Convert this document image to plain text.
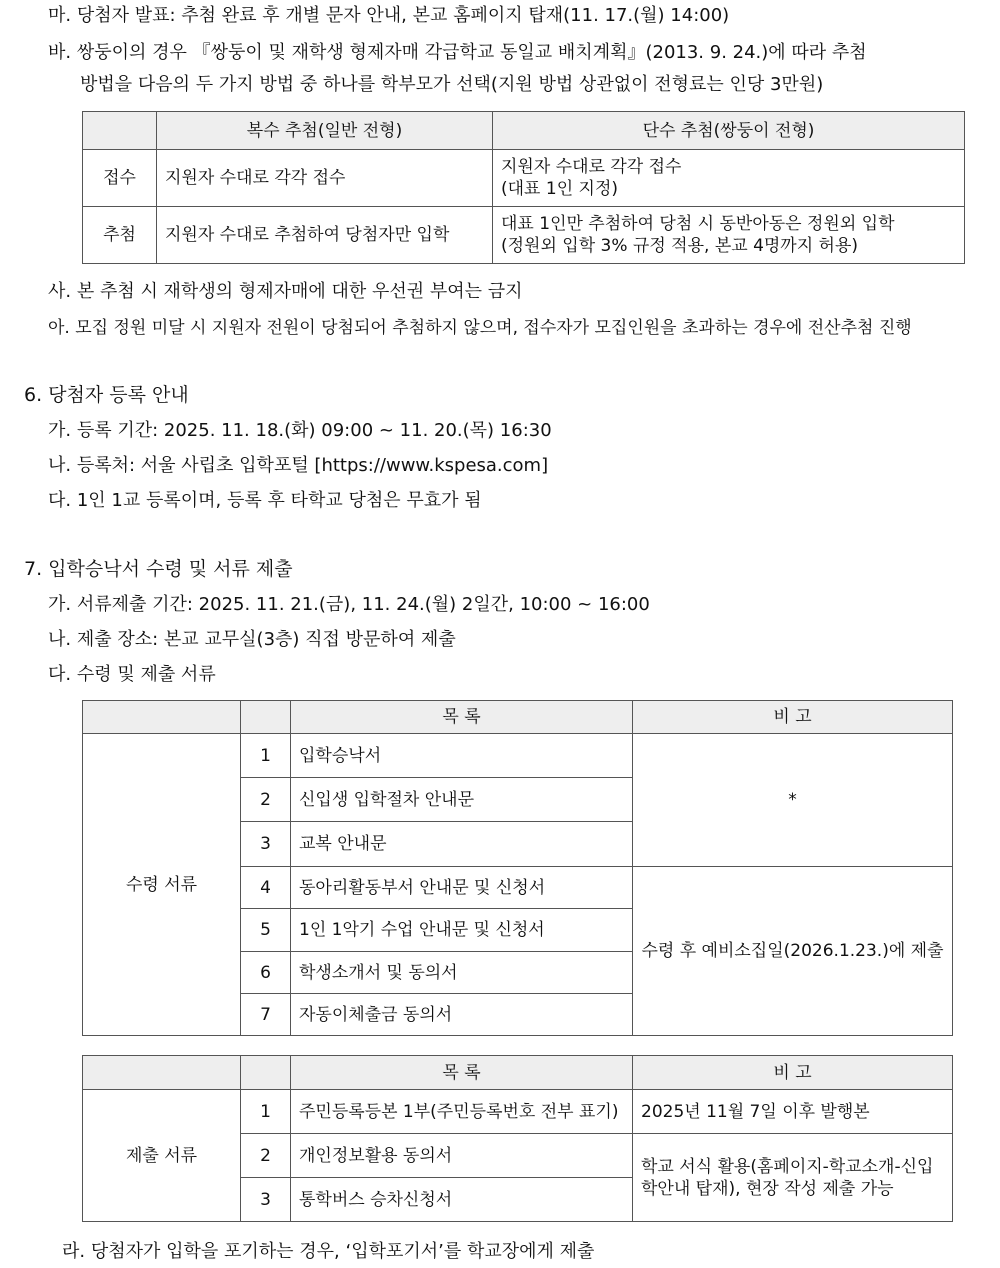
마. 당첨자 발표: 추첨 완료 후 개별 문자 안내, 본교 홈페이지 탑재(11. 17.(월) 14:00)
바. 쌍둥이의 경우 『쌍둥이 및 재학생 형제자매 각급학교 동일교 배치계획』(2013. 9. 24.)에 따라 추첨
방법을 다음의 두 가지 방법 중 하나를 학부모가 선택(지원 방법 상관없이 전형료는 인당 3만원)
	복수 추첨(일반 전형)	단수 추첨(쌍둥이 전형)
접수	지원자 수대로 각각 접수	지원자 수대로 각각 접수
(대표 1인 지정)

추첨	지원자 수대로 추첨하여 당첨자만 입학	대표 1인만 추첨하여 당첨 시 동반아동은 정원외 입학
(정원외 입학 3% 규정 적용, 본교 4명까지 허용)
사. 본 추첨 시 재학생의 형제자매에 대한 우선권 부여는 금지
아. 모집 정원 미달 시 지원자 전원이 당첨되어 추첨하지 않으며, 접수자가 모집인원을 초과하는 경우에 전산추첨 진행
6. 당첨자 등록 안내
가. 등록 기간: 2025. 11. 18.(화) 09:00 ~ 11. 20.(목) 16:30
나. 등록처: 서울 사립초 입학포털 [https://www.kspesa.com]
다. 1인 1교 등록이며, 등록 후 타학교 당첨은 무효가 됨
7. 입학승낙서 수령 및 서류 제출
가. 서류제출 기간: 2025. 11. 21.(금), 11. 24.(월) 2일간, 10:00 ~ 16:00
나. 제출 장소: 본교 교무실(3층) 직접 방문하여 제출
다. 수령 및 제출 서류
		목 록	비 고
수령 서류	1	입학승낙서	*
	2	신입생 입학절차 안내문	
	3	교복 안내문	
	4	동아리활동부서 안내문 및 신청서	수령 후 예비소집일(2026.1.23.)에 제출
	5	1인 1악기 수업 안내문 및 신청서	
	6	학생소개서 및 동의서	
	7	자동이체출금 동의서	
		목 록	비 고
제출 서류	1	주민등록등본 1부(주민등록번호 전부 표기)	2025년 11월 7일 이후 발행본
	2	개인정보활용 동의서	학교 서식 활용(홈페이지-학교소개-신입
학안내 탑재), 현장 작성 제출 가능

	3	통학버스 승차신청서	
라. 당첨자가 입학을 포기하는 경우, ‘입학포기서’를 학교장에게 제출
